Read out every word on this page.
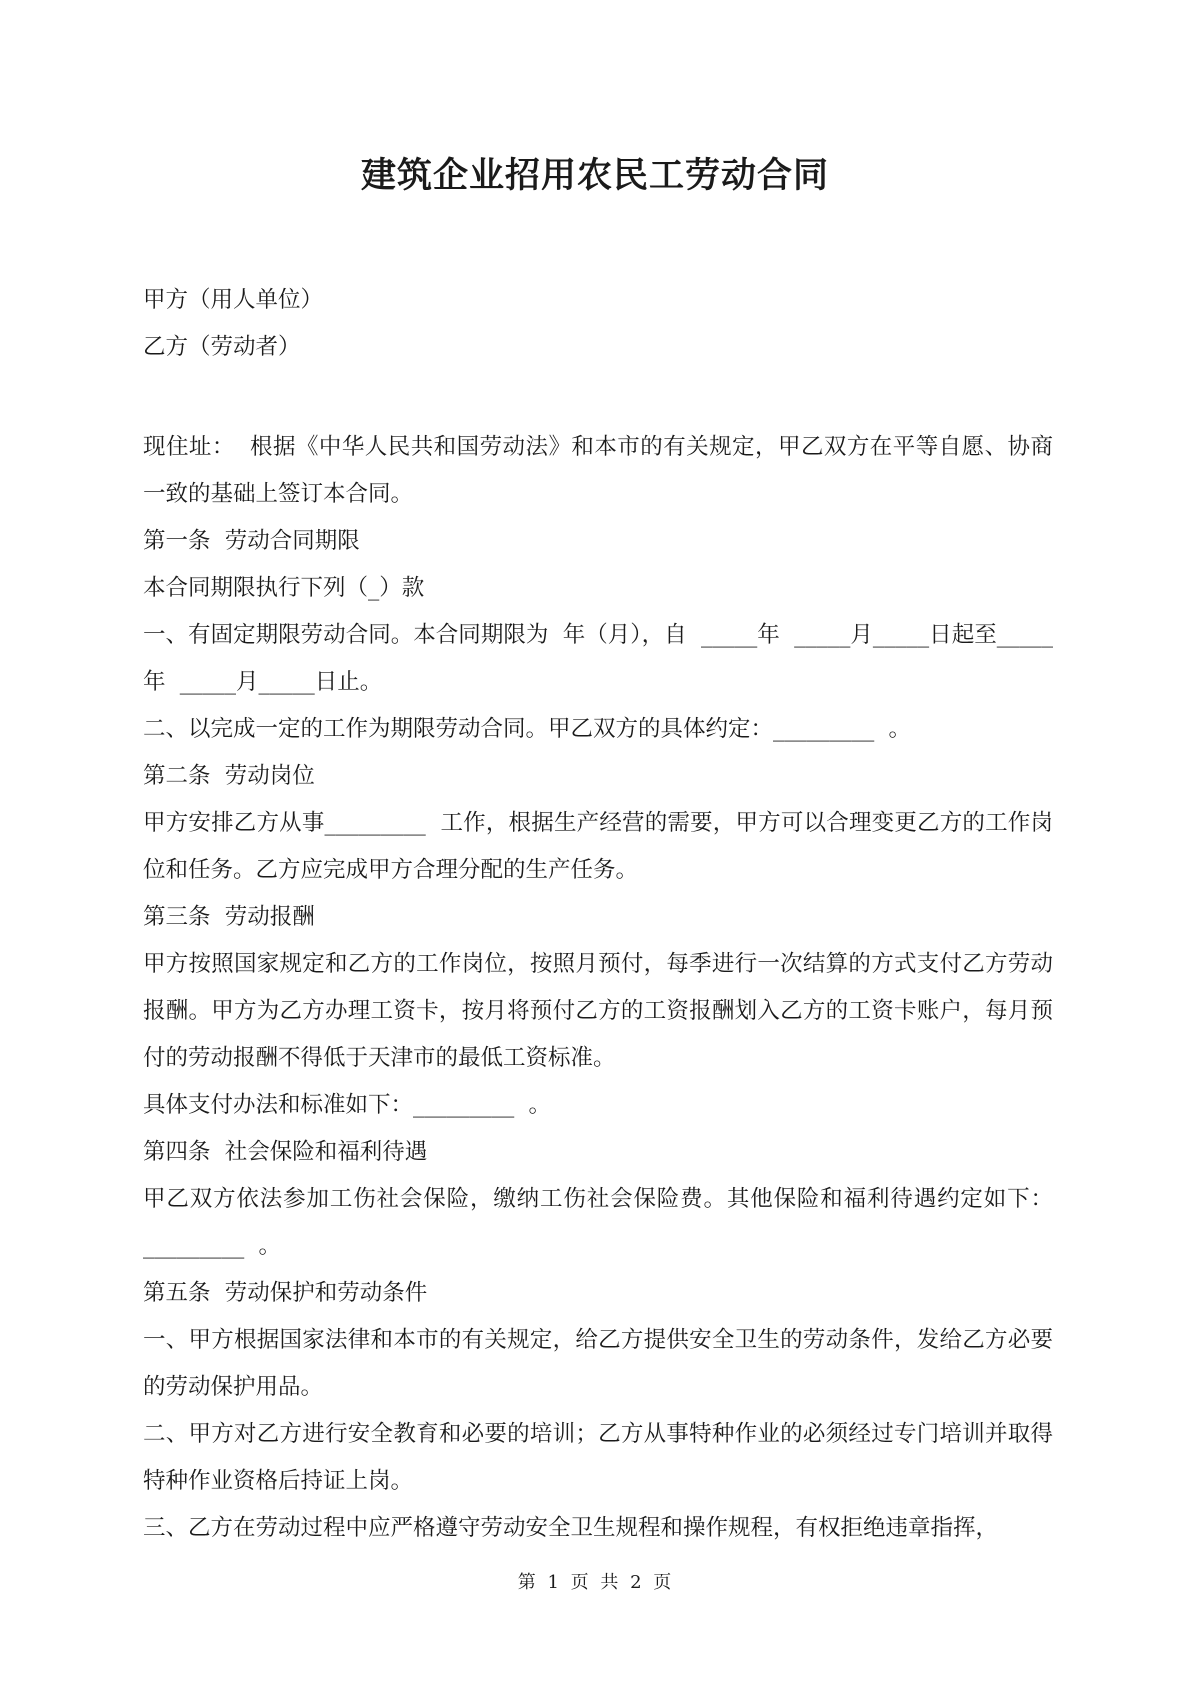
建筑企业招用农民工劳动合同

甲方（用人单位）

乙方（劳动者）

现住址：  根据《中华人民共和国劳动法》和本市的有关规定，甲乙双方在平等自愿、协商一致的基础上签订本合同。

第一条  劳动合同期限

本合同期限执行下列（_）款

一、有固定期限劳动合同。本合同期限为  年（月），自  _____年  _____月_____日起至_____年  _____月_____日止。

二、以完成一定的工作为期限劳动合同。甲乙双方的具体约定：_________  。

第二条  劳动岗位

甲方安排乙方从事_________  工作，根据生产经营的需要，甲方可以合理变更乙方的工作岗位和任务。乙方应完成甲方合理分配的生产任务。

第三条  劳动报酬

甲方按照国家规定和乙方的工作岗位，按照月预付，每季进行一次结算的方式支付乙方劳动报酬。甲方为乙方办理工资卡，按月将预付乙方的工资报酬划入乙方的工资卡账户，每月预付的劳动报酬不得低于天津市的最低工资标准。

具体支付办法和标准如下：_________  。

第四条  社会保险和福利待遇

甲乙双方依法参加工伤社会保险，缴纳工伤社会保险费。其他保险和福利待遇约定如下：_________  。

第五条  劳动保护和劳动条件

一、甲方根据国家法律和本市的有关规定，给乙方提供安全卫生的劳动条件，发给乙方必要的劳动保护用品。

二、甲方对乙方进行安全教育和必要的培训；乙方从事特种作业的必须经过专门培训并取得特种作业资格后持证上岗。

三、乙方在劳动过程中应严格遵守劳动安全卫生规程和操作规程，有权拒绝违章指挥，

第 1 页 共 2 页
